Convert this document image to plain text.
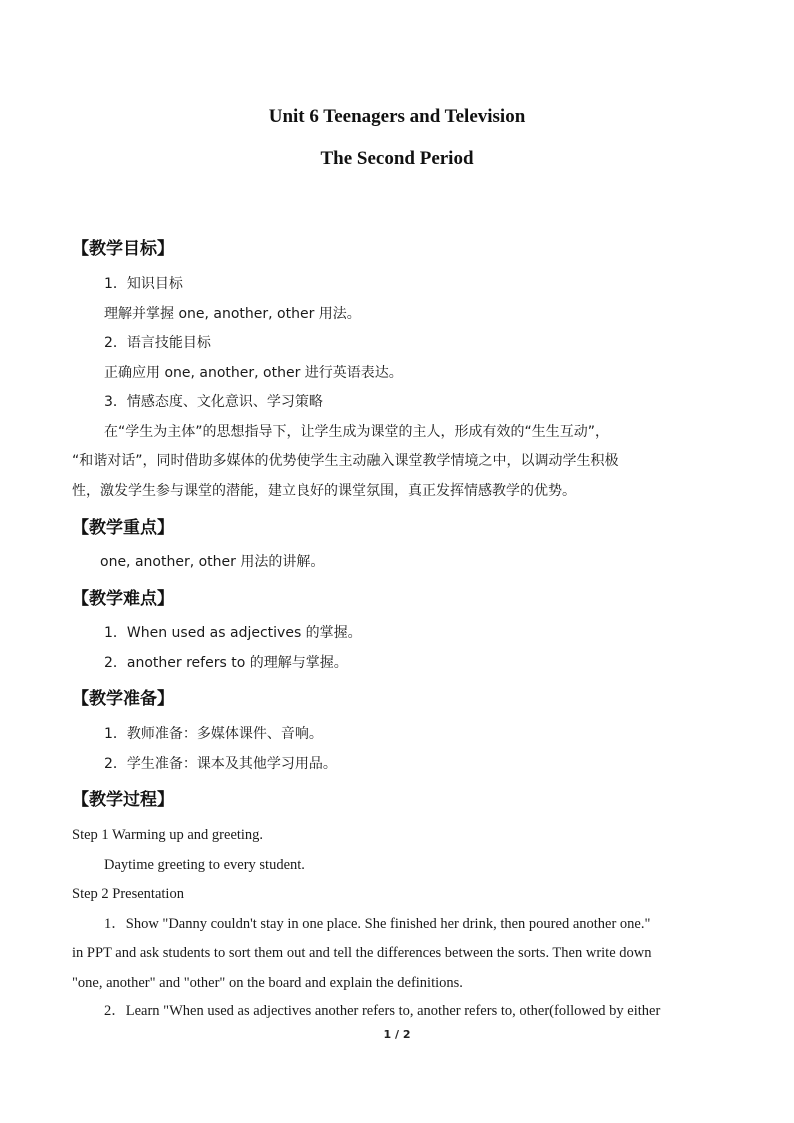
Unit 6 Teenagers and Television
The Second Period
【教学目标】
1．知识目标
理解并掌握 one, another, other 用法。
2．语言技能目标
正确应用 one, another, other 进行英语表达。
3．情感态度、文化意识、学习策略
在“学生为主体”的思想指导下，让学生成为课堂的主人，形成有效的“生生互动”，
“和谐对话”，同时借助多媒体的优势使学生主动融入课堂教学情境之中，以调动学生积极
性，激发学生参与课堂的潜能，建立良好的课堂氛围，真正发挥情感教学的优势。
【教学重点】
one, another, other 用法的讲解。
【教学难点】
1．When used as adjectives 的掌握。
2．another refers to 的理解与掌握。
【教学准备】
1．教师准备：多媒体课件、音响。
2．学生准备：课本及其他学习用品。
【教学过程】
Step 1 Warming up and greeting.
Daytime greeting to every student.
Step 2 Presentation
1．Show "Danny couldn't stay in one place. She finished her drink, then poured another one."
in PPT and ask students to sort them out and tell the differences between the sorts. Then write down
"one, another" and "other" on the board and explain the definitions.
2．Learn "When used as adjectives another refers to, another refers to, other(followed by either
1 / 2
